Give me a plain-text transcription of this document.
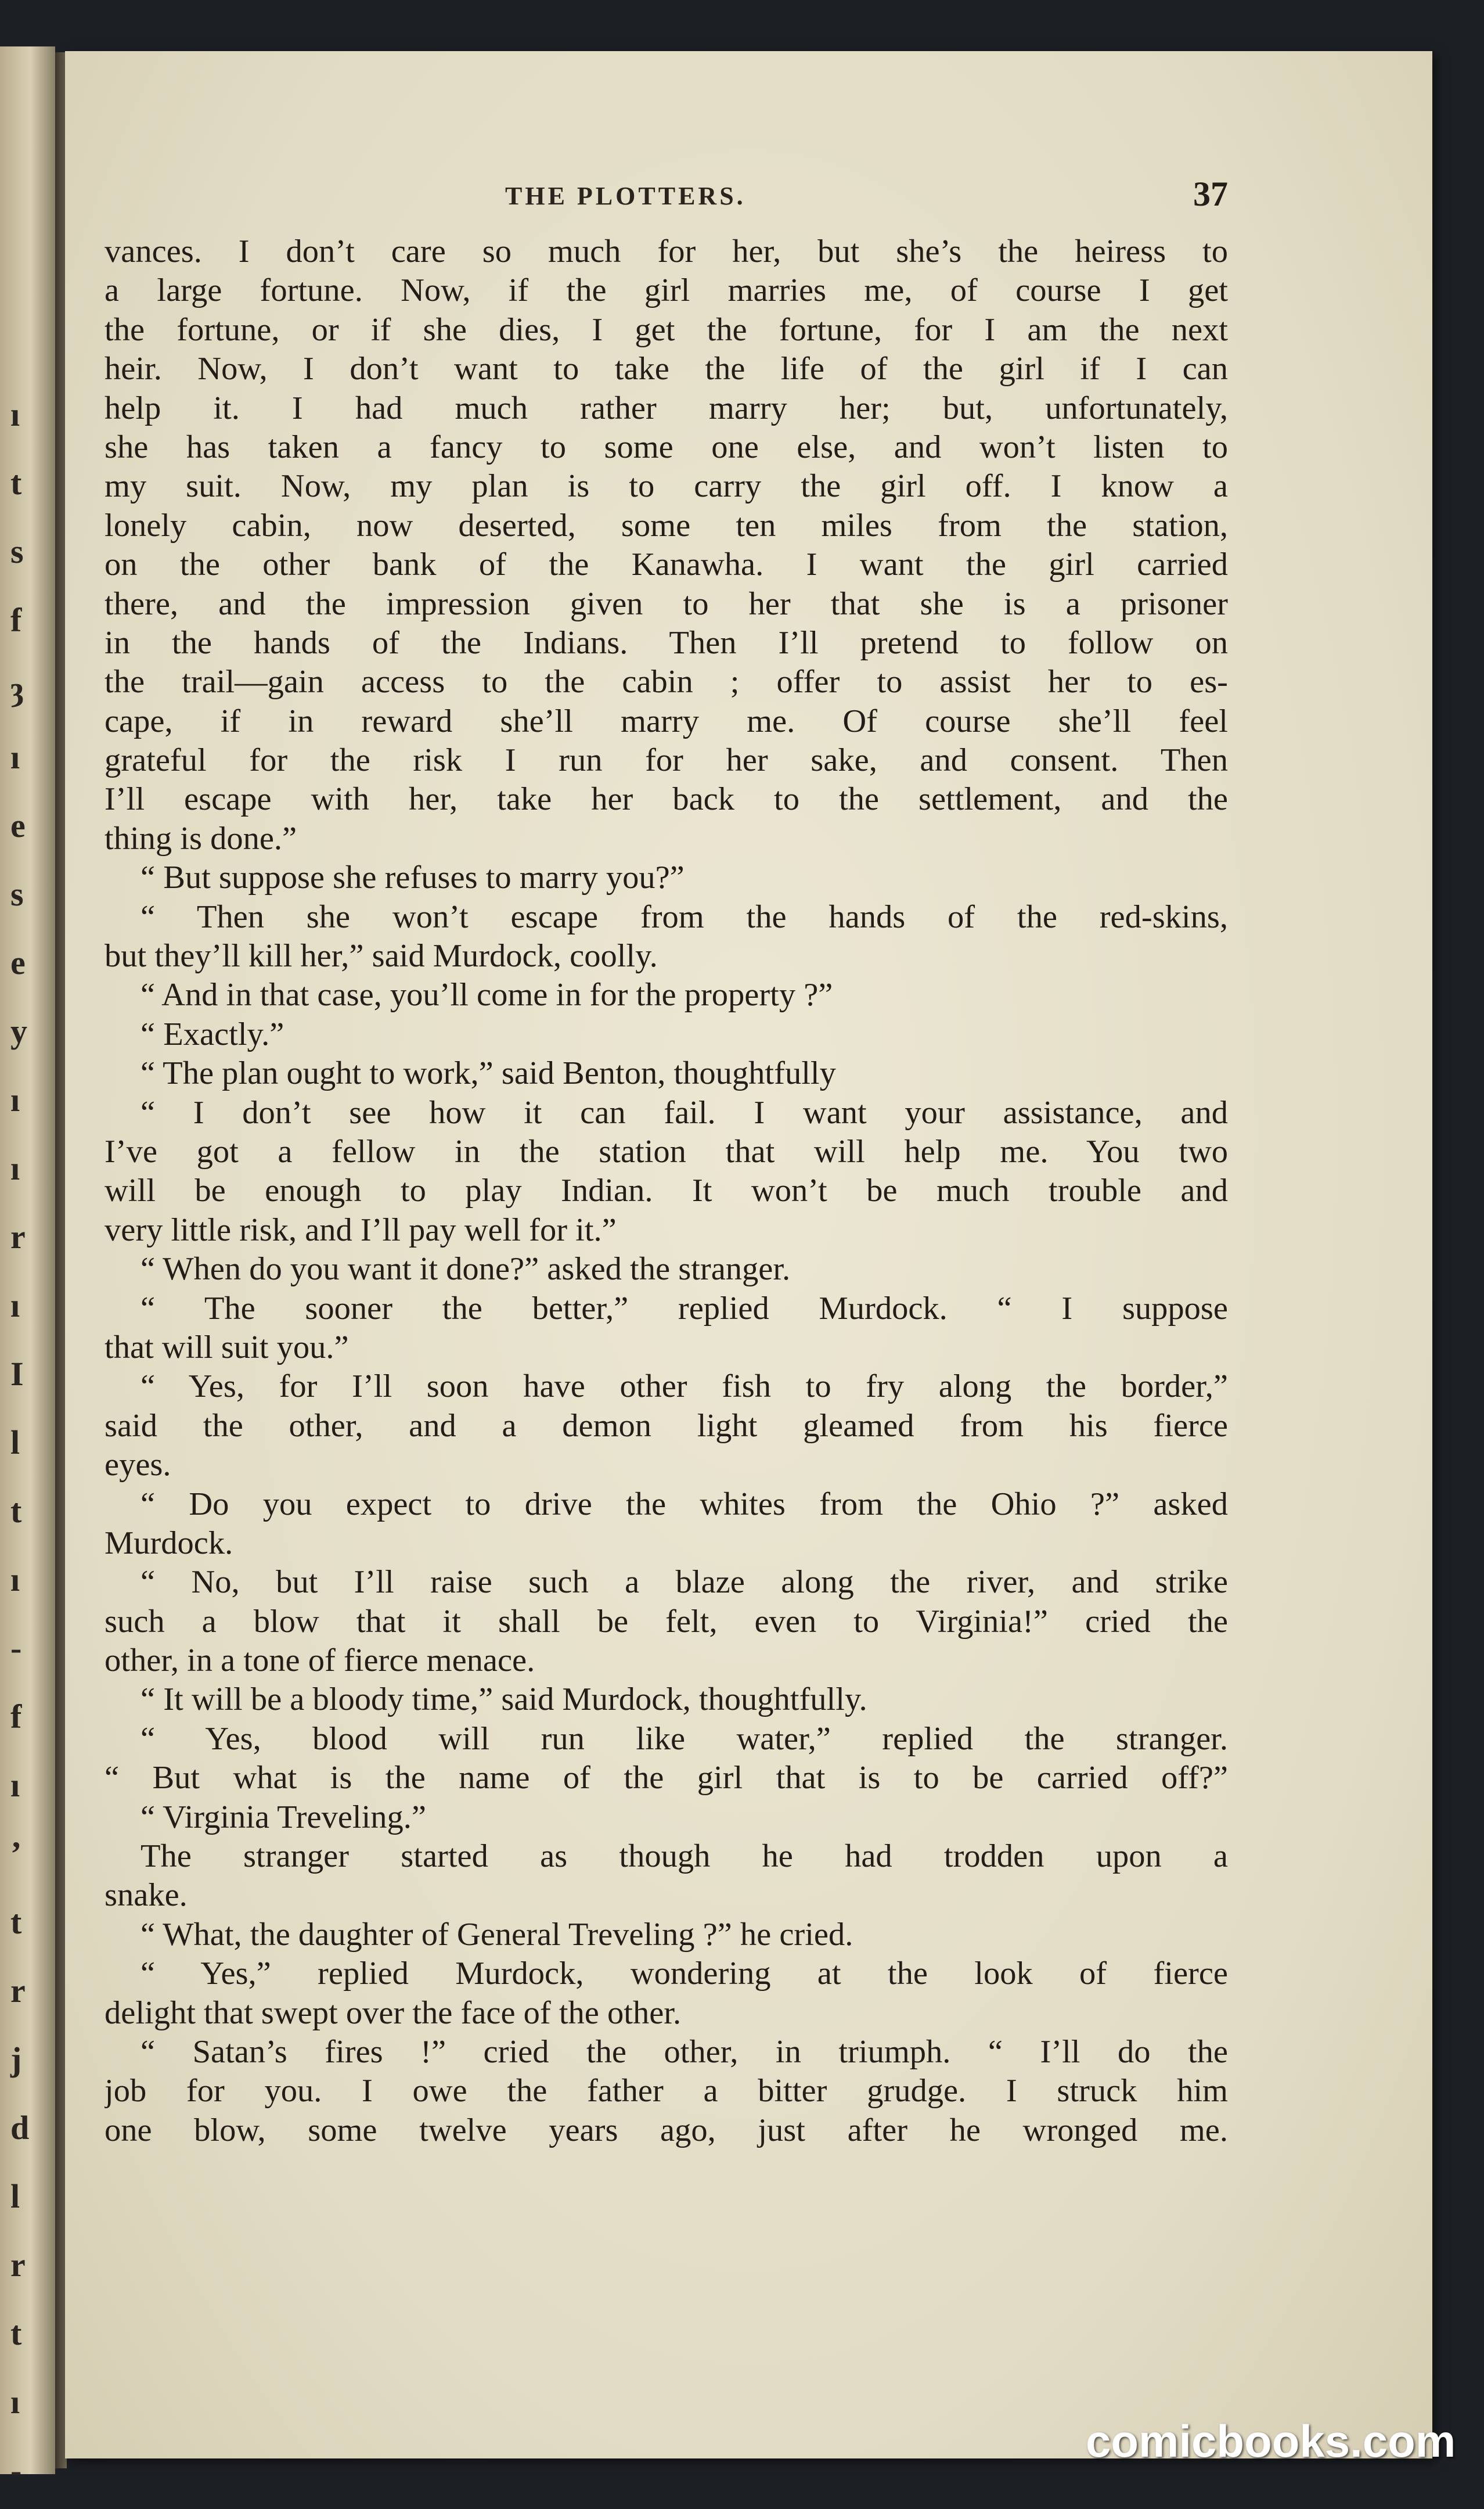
ı
t
s
f
ȝ
ı
e
s
e
y
ı
ı
r
ı
I
l
t
ı
-
f
ı
’
t
r
j
d
l
r
t
ı
-
THE PLOTTERS.	37
vances. I don’t care so much for her, but she’s the heiress to
a large fortune. Now, if the girl marries me, of course I get
the fortune, or if she dies, I get the fortune, for I am the next
heir. Now, I don’t want to take the life of the girl if I can
help it. I had much rather marry her; but, unfortunately,
she has taken a fancy to some one else, and won’t listen to
my suit. Now, my plan is to carry the girl off. I know a
lonely cabin, now deserted, some ten miles from the station,
on the other bank of the Kanawha. I want the girl carried
there, and the impression given to her that she is a prisoner
in the hands of the Indians. Then I’ll pretend to follow on
the trail—gain access to the cabin ; offer to assist her to es-
cape, if in reward she’ll marry me. Of course she’ll feel
grateful for the risk I run for her sake, and consent. Then
I’ll escape with her, take her back to the settlement, and the
thing is done.”
“ But suppose she refuses to marry you?”
“ Then she won’t escape from the hands of the red-skins,
but they’ll kill her,” said Murdock, coolly.
“ And in that case, you’ll come in for the property ?”
“ Exactly.”
“ The plan ought to work,” said Benton, thoughtfully
“ I don’t see how it can fail. I want your assistance, and
I’ve got a fellow in the station that will help me. You two
will be enough to play Indian. It won’t be much trouble and
very little risk, and I’ll pay well for it.”
“ When do you want it done?” asked the stranger.
“ The sooner the better,” replied Murdock. “ I suppose
that will suit you.”
“ Yes, for I’ll soon have other fish to fry along the border,”
said the other, and a demon light gleamed from his fierce
eyes.
“ Do you expect to drive the whites from the Ohio ?” asked
Murdock.
“ No, but I’ll raise such a blaze along the river, and strike
such a blow that it shall be felt, even to Virginia!” cried the
other, in a tone of fierce menace.
“ It will be a bloody time,” said Murdock, thoughtfully.
“ Yes, blood will run like water,” replied the stranger.
“ But what is the name of the girl that is to be carried off?”
“ Virginia Treveling.”
The stranger started as though he had trodden upon a
snake.
“ What, the daughter of General Treveling ?” he cried.
“ Yes,” replied Murdock, wondering at the look of fierce
delight that swept over the face of the other.
“ Satan’s fires !” cried the other, in triumph. “ I’ll do the
job for you. I owe the father a bitter grudge. I struck him
one blow, some twelve years ago, just after he wronged me.
comicbooks.com
